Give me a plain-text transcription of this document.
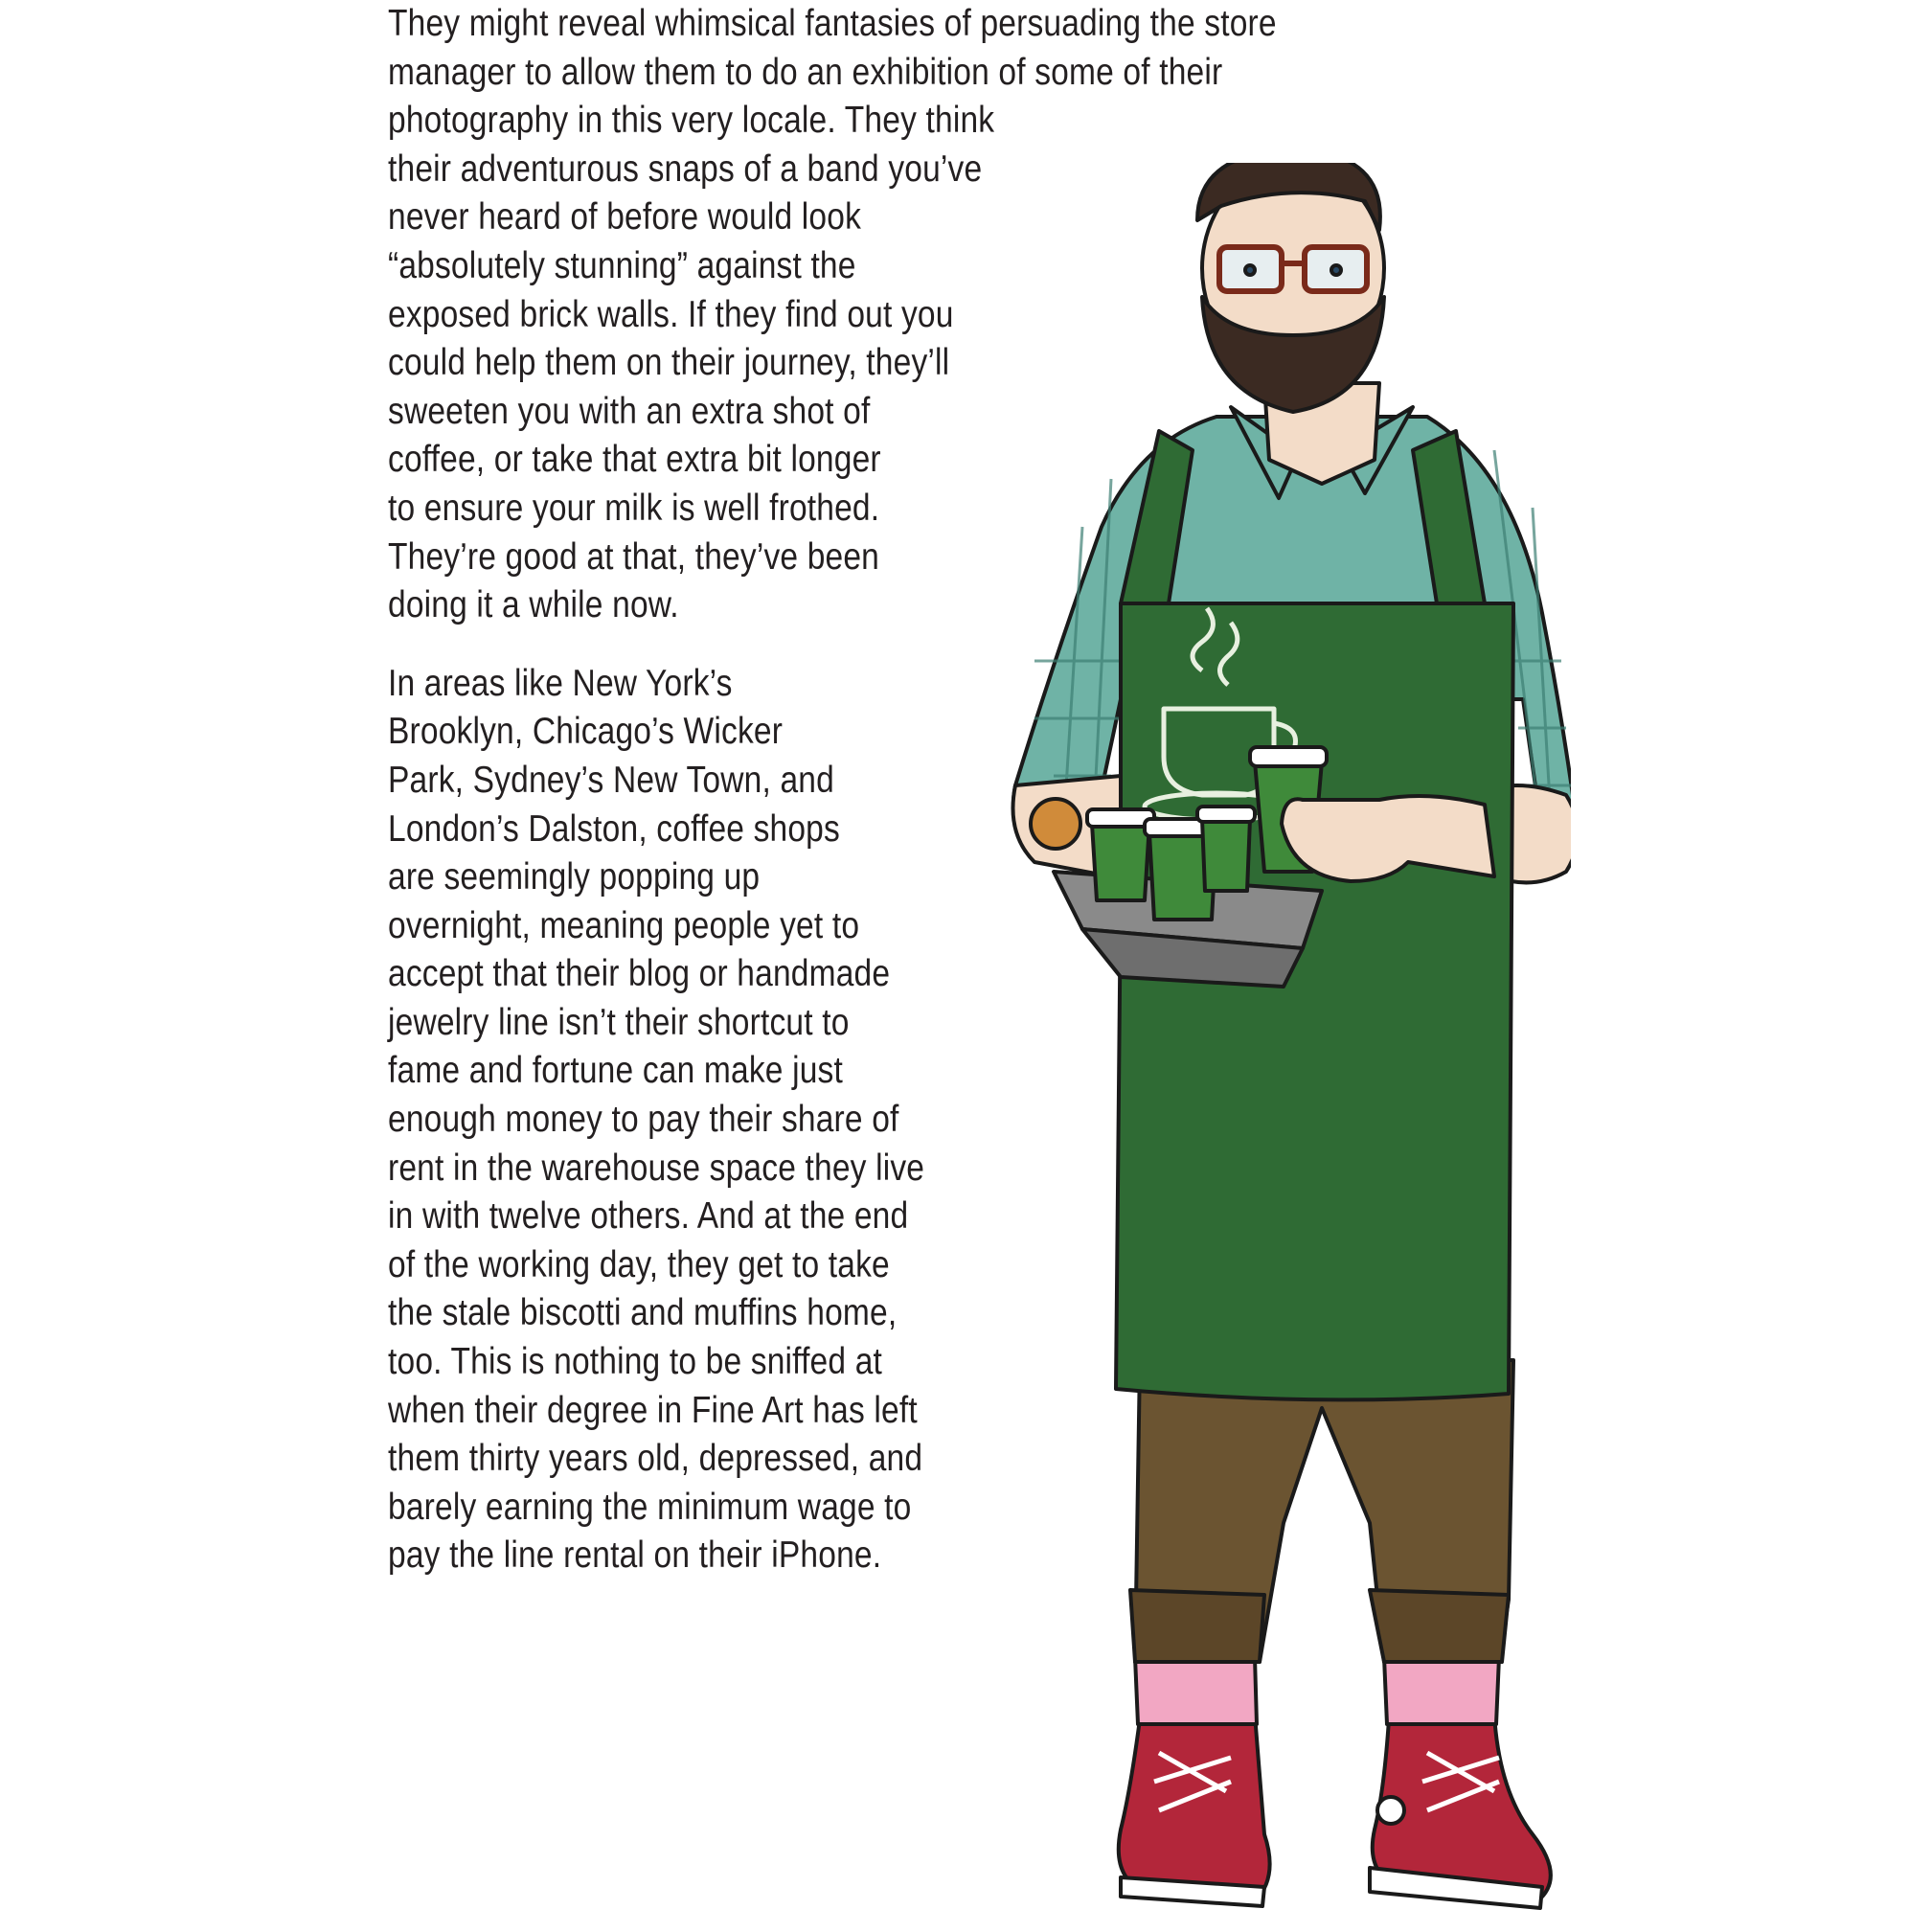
They might reveal whimsical fantasies of persuading the store
manager to allow them to do an exhibition of some of their
photography in this very locale. They think
their adventurous snaps of a band you’ve
never heard of before would look
“absolutely stunning” against the
exposed brick walls. If they find out you
could help them on their journey, they’ll
sweeten you with an extra shot of
coffee, or take that extra bit longer
to ensure your milk is well frothed.
They’re good at that, they’ve been
doing it a while now.
In areas like New York’s
Brooklyn, Chicago’s Wicker
Park, Sydney’s New Town, and
London’s Dalston, coffee shops
are seemingly popping up
overnight, meaning people yet to
accept that their blog or handmade
jewelry line isn’t their shortcut to
fame and fortune can make just
enough money to pay their share of
rent in the warehouse space they live
in with twelve others. And at the end
of the working day, they get to take
the stale biscotti and muffins home,
too. This is nothing to be sniffed at
when their degree in Fine Art has left
them thirty years old, depressed, and
barely earning the minimum wage to
pay the line rental on their iPhone.
